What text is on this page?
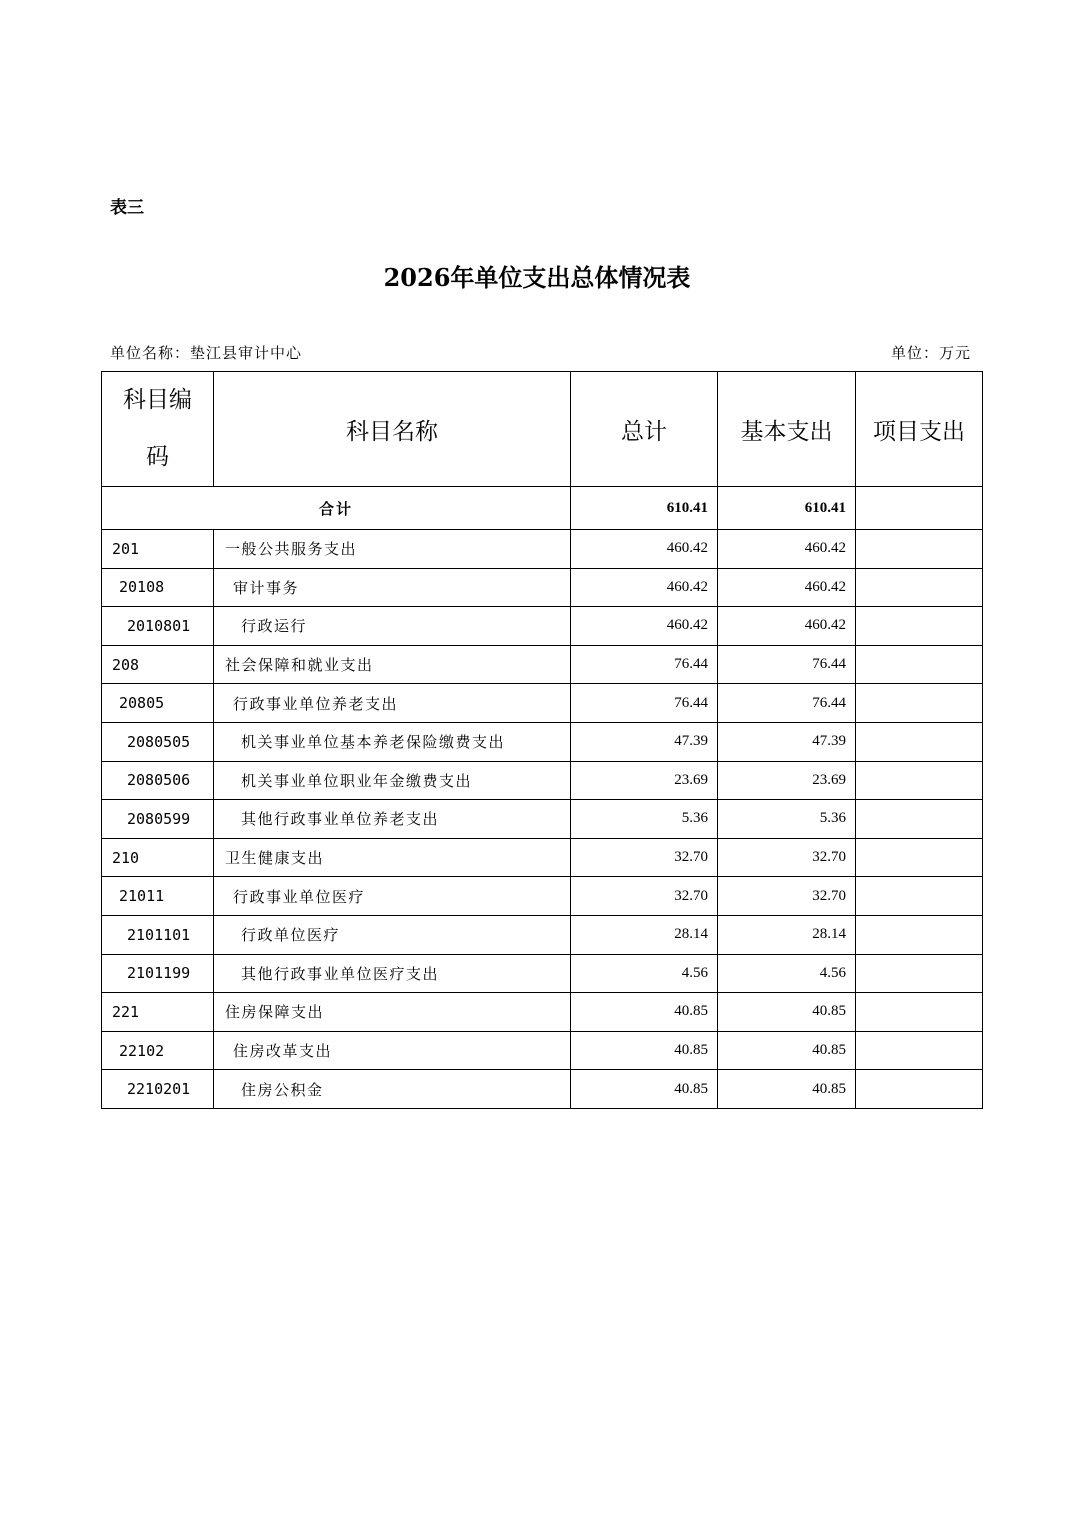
表三
2026年单位支出总体情况表
单位名称：垫江县审计中心	单位：万元
科目编
码	科目名称	总计	基本支出	项目支出
合计		610.41	610.41	
201	一般公共服务支出	460.42	460.42	
20108	审计事务	460.42	460.42	
2010801	行政运行	460.42	460.42	
208	社会保障和就业支出	76.44	76.44	
20805	行政事业单位养老支出	76.44	76.44	
2080505	机关事业单位基本养老保险缴费支出	47.39	47.39	
2080506	机关事业单位职业年金缴费支出	23.69	23.69	
2080599	其他行政事业单位养老支出	5.36	5.36	
210	卫生健康支出	32.70	32.70	
21011	行政事业单位医疗	32.70	32.70	
2101101	行政单位医疗	28.14	28.14	
2101199	其他行政事业单位医疗支出	4.56	4.56	
221	住房保障支出	40.85	40.85	
22102	住房改革支出	40.85	40.85	
2210201	住房公积金	40.85	40.85	
